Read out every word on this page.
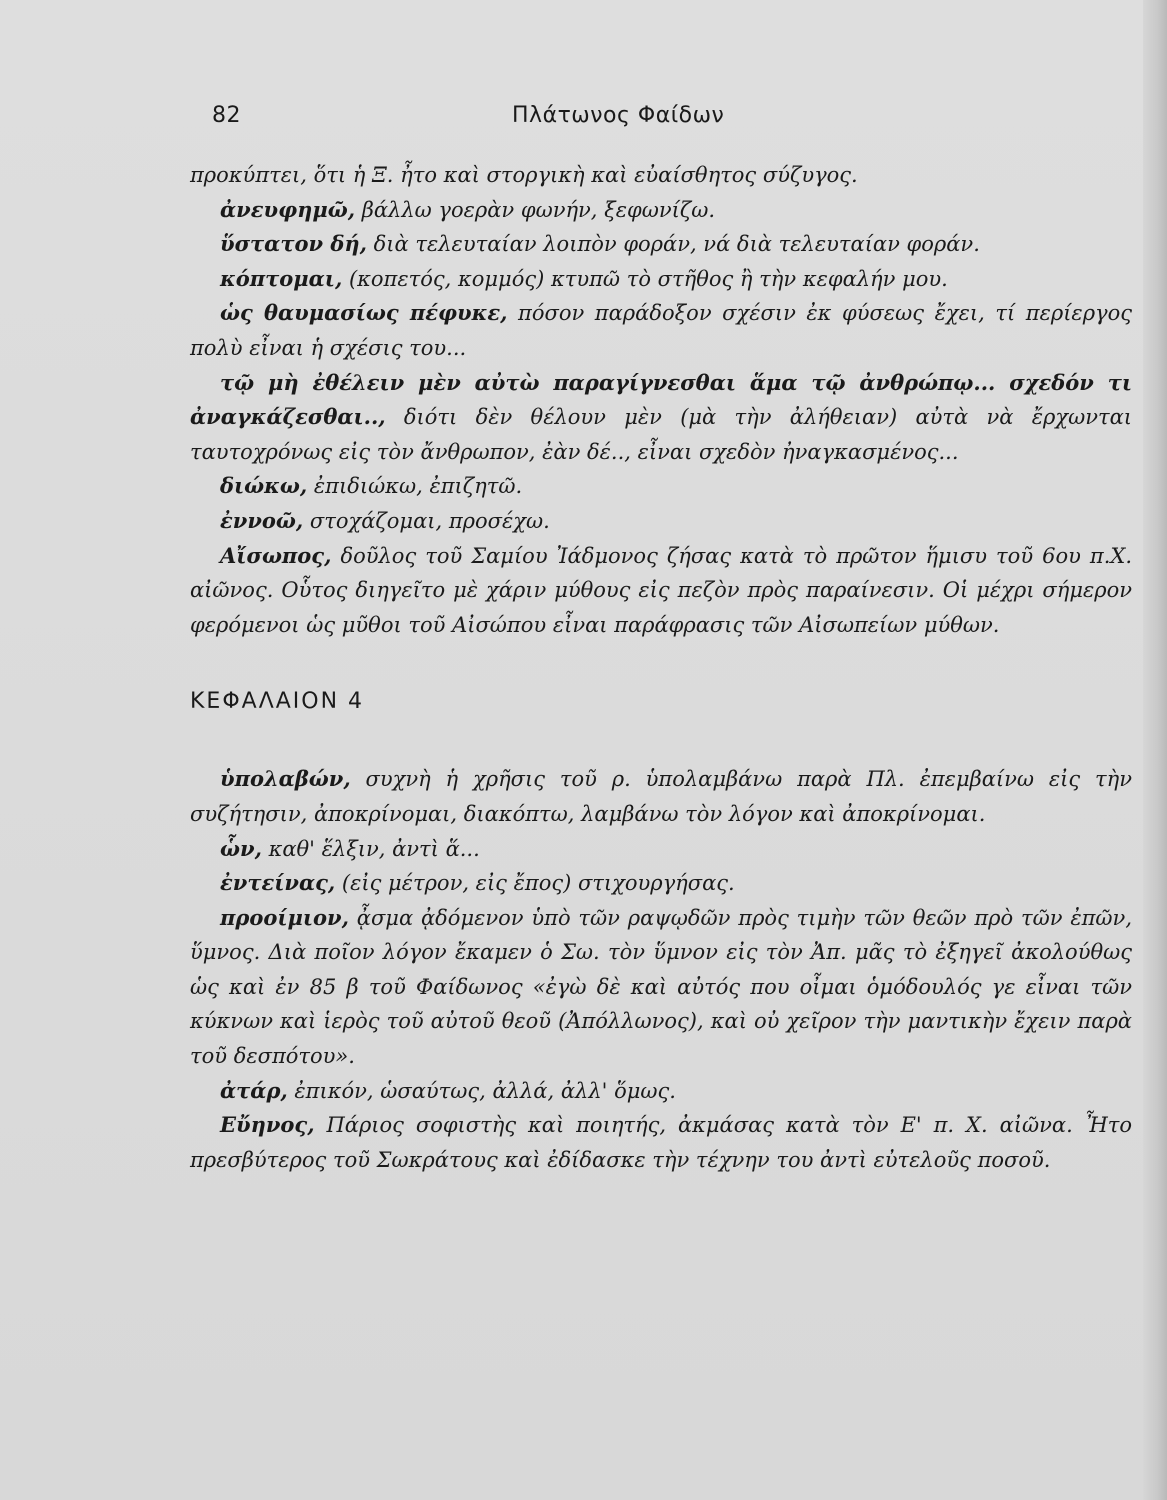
82	Πλάτωνος Φαίδων

προκύπτει, ὅτι ἡ Ξ. ἦτο καὶ στοργικὴ καὶ εὐαίσθητος σύζυγος.

ἀνευφημῶ, βάλλω γοερὰν φωνήν, ξεφωνίζω.

ὕστατον δή, διὰ τελευταίαν λοιπὸν φοράν, νά διὰ τελευταίαν φοράν.

κόπτομαι, (κοπετός, κομμός) κτυπῶ τὸ στῆθος ἢ τὴν κεφαλήν μου.

ὡς θαυμασίως πέφυκε, πόσον παράδοξον σχέσιν ἐκ φύσεως ἔχει, τί περίεργος πολὺ εἶναι ἡ σχέσις του...

τῷ μὴ ἐθέλειν μὲν αὐτὼ παραγίγνεσθαι ἅμα τῷ ἀνθρώπῳ... σχεδόν τι ἀναγκάζεσθαι.., διότι δὲν θέλουν μὲν (μὰ τὴν ἀλήθειαν) αὐτὰ νὰ ἔρχωνται ταυτοχρόνως εἰς τὸν ἄνθρωπον, ἐὰν δέ.., εἶναι σχεδὸν ἠναγκασμένος...

διώκω, ἐπιδιώκω, ἐπιζητῶ.

ἐννοῶ, στοχάζομαι, προσέχω.

Αἴσωπος, δοῦλος τοῦ Σαμίου Ἰάδμονος ζήσας κατὰ τὸ πρῶτον ἥμισυ τοῦ 6ου π.Χ. αἰῶνος. Οὗτος διηγεῖτο μὲ χάριν μύθους εἰς πεζὸν πρὸς παραίνεσιν. Οἱ μέχρι σήμερον φερόμενοι ὡς μῦθοι τοῦ Αἰσώπου εἶναι παράφρασις τῶν Αἰσωπείων μύθων.

ΚΕΦΑΛΑΙΟΝ 4

ὑπολαβών, συχνὴ ἡ χρῆσις τοῦ ρ. ὑπολαμβάνω παρὰ Πλ. ἐπεμβαίνω εἰς τὴν συζήτησιν, ἀποκρίνομαι, διακόπτω, λαμβάνω τὸν λόγον καὶ ἀποκρίνομαι.

ὧν, καθ' ἕλξιν, ἀντὶ ἅ...

ἐντείνας, (εἰς μέτρον, εἰς ἔπος) στιχουργήσας.

προοίμιον, ᾆσμα ᾀδόμενον ὑπὸ τῶν ραψῳδῶν πρὸς τιμὴν τῶν θεῶν πρὸ τῶν ἐπῶν, ὕμνος. Διὰ ποῖον λόγον ἔκαμεν ὁ Σω. τὸν ὕμνον εἰς τὸν Ἀπ. μᾶς τὸ ἐξηγεῖ ἀκολούθως ὡς καὶ ἐν 85 β τοῦ Φαίδωνος «ἐγὼ δὲ καὶ αὐτός που οἶμαι ὁμόδουλός γε εἶναι τῶν κύκνων καὶ ἱερὸς τοῦ αὐτοῦ θεοῦ (Ἀπόλλωνος), καὶ οὐ χεῖρον τὴν μαντικὴν ἔχειν παρὰ τοῦ δεσπότου».

ἀτάρ, ἐπικόν, ὡσαύτως, ἀλλά, ἀλλ' ὅμως.

Εὔηνος, Πάριος σοφιστὴς καὶ ποιητής, ἀκμάσας κατὰ τὸν Ε' π. Χ. αἰῶνα. Ἦτο πρεσβύτερος τοῦ Σωκράτους καὶ ἐδίδασκε τὴν τέχνην του ἀντὶ εὐτελοῦς ποσοῦ.
